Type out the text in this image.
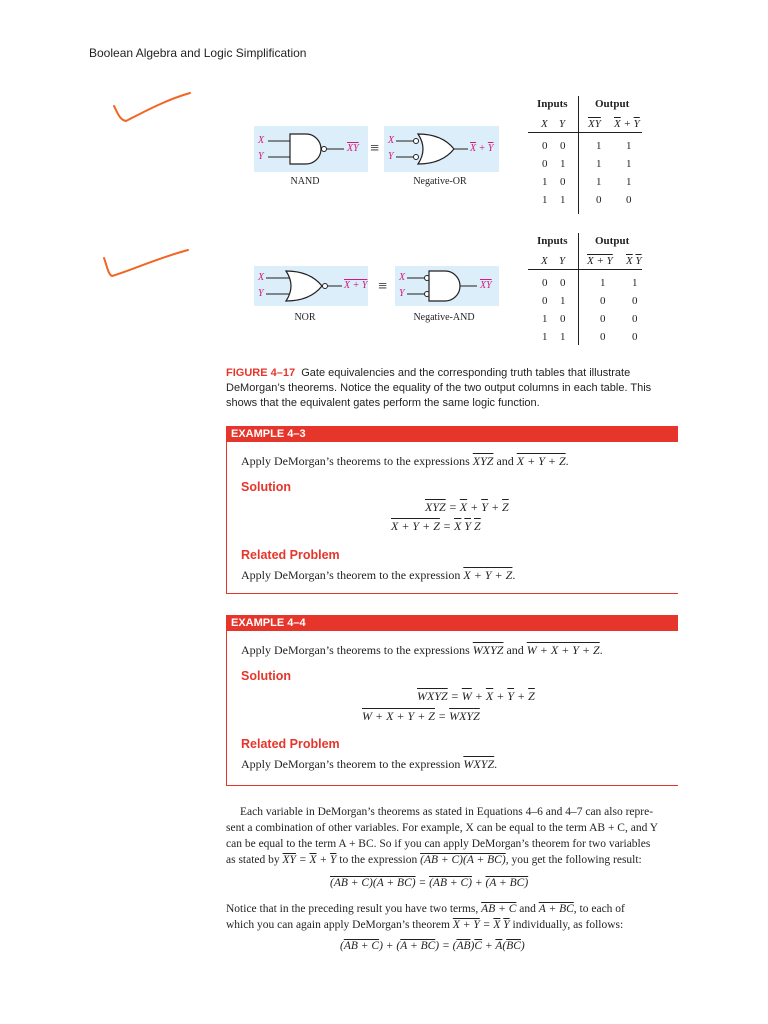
Boolean Algebra and Logic Simplification
X
Y
$\overline{XY} \equiv X$
Y
$\overline{X} + \overline{Y}$
NAND	Negative-OR
Inputs Output
X Y $\overline{XY}$ $\overline{X} + \overline{Y}$
0 0	1 1
0 1	1 1
1 0	1 1
1 1	0 0
X
Y
X + Y ≡
X
Y
$\overline{X}\overline{Y}$
NOR	Negative-AND
Inputs Output
X Y X + Y $\overline{X}$ $\overline{Y}$
0 0	1 1
0 1	0 0
1 0	0 0
1 1	0 0
FIGURE 4–17 Gate equivalencies and the corresponding truth tables that illustrate DeMorgan’s theorems. Notice the equality of the two output columns in each table. This shows that the equivalent gates perform the same logic function.
EXAMPLE 4–3
Apply DeMorgan’s theorems to the expressions $\overline{XYZ}$ and X + Y + Z.
Solution
$\overline{XYZ} = \overline{X} + \overline{Y} + \overline{Z}$
$X + Y + Z = \overline{X}$ $\overline{Y}$ $\overline{Z}$
Related Problem
Apply DeMorgan’s theorem to the expression X + Y + Z.
EXAMPLE 4–4
Apply DeMorgan’s theorems to the expressions WXYZ and W + X + Y + Z.
Solution
WXYZ = $\overline{W} + \overline{X} + \overline{Y} + \overline{Z}$
$W + X + Y + Z = \overline{W}\overline{X}\overline{Y}\overline{Z}$
Related Problem
Apply DeMorgan’s theorem to the expression WXYZ.
Each variable in DeMorgan’s theorems as stated in Equations 4–6 and 4–7 can also repre-
sent a combination of other variables. For example, X can be equal to the term AB + C, and Y
can be equal to the term A + BC. So if you can apply DeMorgan’s theorem for two variables
as stated by $\overline{XY} = \overline{X} + \overline{Y}$ to the expression (AB + C)(A + BC), you get the following result:
(AB + C)(A + BC) = (AB + C) + (A + BC)
Notice that in the preceding result you have two terms, AB + C and A + BC, to each of
which you can again apply DeMorgan’s theorem $X + Y = \overline{X}$ $\overline{Y}$ individually, as follows:
$(AB + C) + (A + BC) = (\overline{AB})\overline{C} + \overline{A}(\overline{BC})$
